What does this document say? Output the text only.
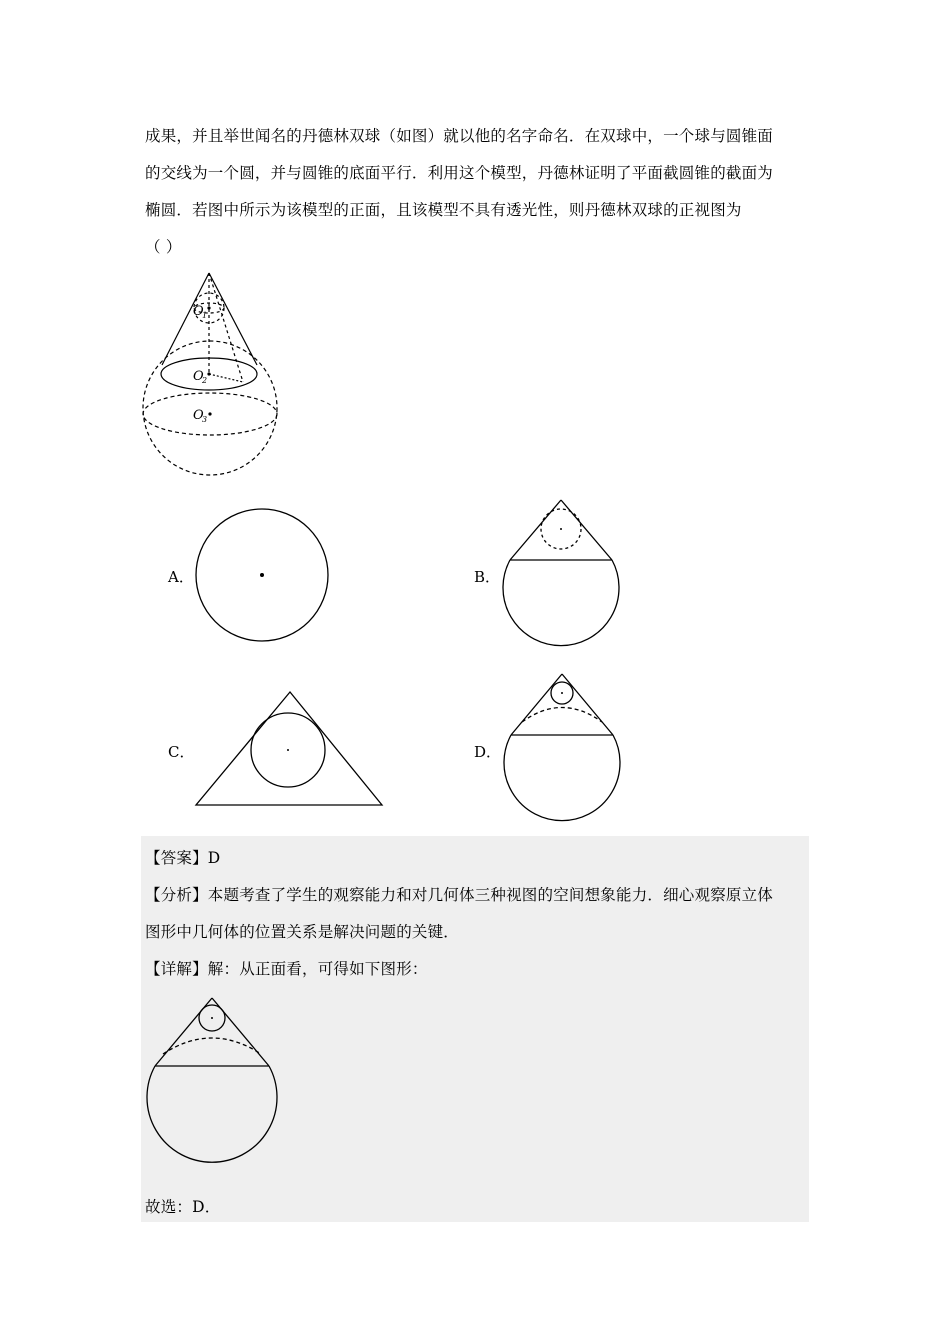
成果，并且举世闻名的丹德林双球（如图）就以他的名字命名．在双球中，一个球与圆锥面
的交线为一个圆，并与圆锥的底面平行．利用这个模型，丹德林证明了平面截圆锥的截面为
椭圆．若图中所示为该模型的正面，且该模型不具有透光性，则丹德林双球的正视图为
（ ）
O
1
O
2
O
3
A．	B．
C．	D．
【答案】D
【分析】本题考查了学生的观察能力和对几何体三种视图的空间想象能力．细心观察原立体
图形中几何体的位置关系是解决问题的关键．
【详解】解：从正面看，可得如下图形：
故选：D．
